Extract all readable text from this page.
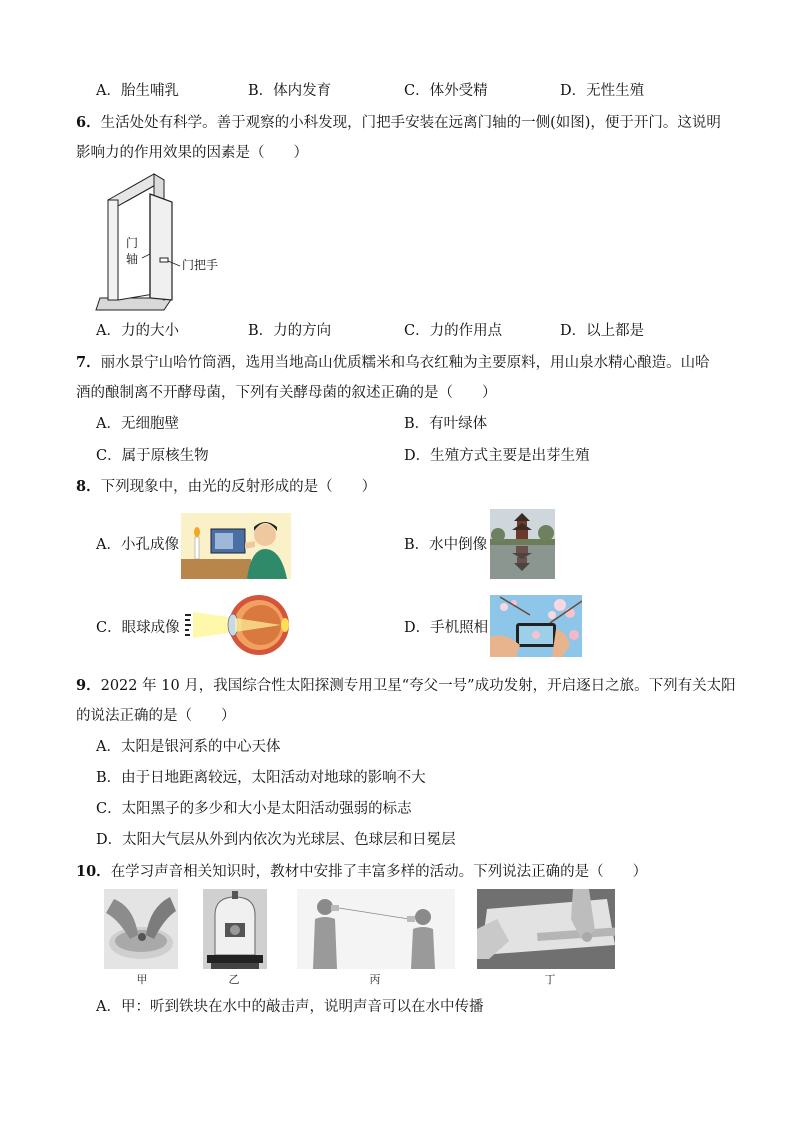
A．胎生哺乳	B．体内发育	C．体外受精	D．无性生殖
6．生活处处有科学。善于观察的小科发现，门把手安装在远离门轴的一侧(如图)，便于开门。这说明
影响力的作用效果的因素是（　　）
门
轴	门把手
A．力的大小	B．力的方向	C．力的作用点	D．以上都是
7．丽水景宁山哈竹筒酒，选用当地高山优质糯米和乌衣红釉为主要原料，用山泉水精心酿造。山哈
酒的酿制离不开酵母菌，下列有关酵母菌的叙述正确的是（　　）
A．无细胞壁	B．有叶绿体
C．属于原核生物	D．生殖方式主要是出芽生殖
8．下列现象中，由光的反射形成的是（　　）
A．小孔成像	B．水中倒像
C．眼球成像	D．手机照相
9．2022 年 10 月，我国综合性太阳探测专用卫星“夸父一号”成功发射，开启逐日之旅。下列有关太阳
的说法正确的是（　　）
A．太阳是银河系的中心天体
B．由于日地距离较远，太阳活动对地球的影响不大
C．太阳黑子的多少和大小是太阳活动强弱的标志
D．太阳大气层从外到内依次为光球层、色球层和日冕层
10．在学习声音相关知识时，教材中安排了丰富多样的活动。下列说法正确的是（　　）
甲	乙	丙	丁
A．甲：听到铁块在水中的敲击声，说明声音可以在水中传播
